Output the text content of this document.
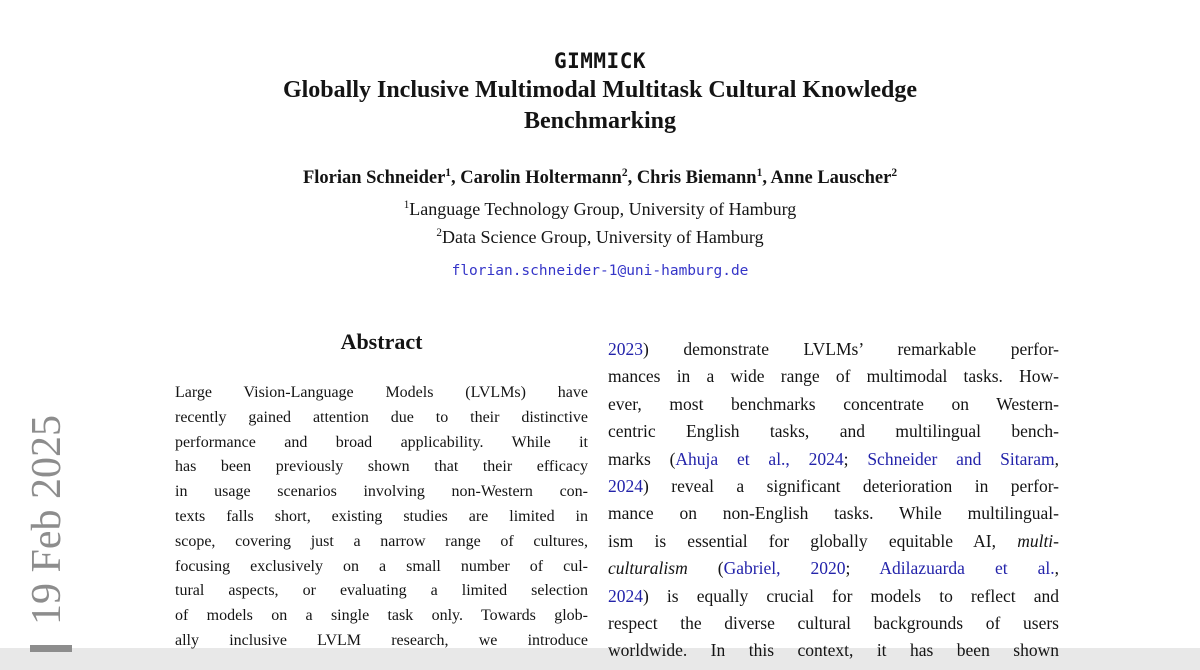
19 Feb 2025
GIMMICK
Globally Inclusive Multimodal Multitask Cultural Knowledge
Benchmarking
Florian Schneider$^1$, Carolin Holtermann$^2$, Chris Biemann$^1$, Anne Lauscher$^2$
$^1$Language Technology Group, University of Hamburg
$^2$Data Science Group, University of Hamburg
florian.schneider-1@uni-hamburg.de
Abstract
Large Vision-Language Models (LVLMs) have
recently gained attention due to their distinctive
performance and broad applicability. While it
has been previously shown that their efficacy
in usage scenarios involving non-Western con-
texts falls short, existing studies are limited in
scope, covering just a narrow range of cultures,
focusing exclusively on a small number of cul-
tural aspects, or evaluating a limited selection
of models on a single task only. Towards glob-
ally inclusive LVLM research, we introduce
2023) demonstrate LVLMs’ remarkable perfor-
mances in a wide range of multimodal tasks. How-
ever, most benchmarks concentrate on Western-
centric English tasks, and multilingual bench-
marks (Ahuja et al., 2024; Schneider and Sitaram,
2024) reveal a significant deterioration in perfor-
mance on non-English tasks. While multilingual-
ism is essential for globally equitable AI, multi-
culturalism (Gabriel, 2020; Adilazuarda et al.,
2024) is equally crucial for models to reflect and
respect the diverse cultural backgrounds of users
worldwide. In this context, it has been shown
